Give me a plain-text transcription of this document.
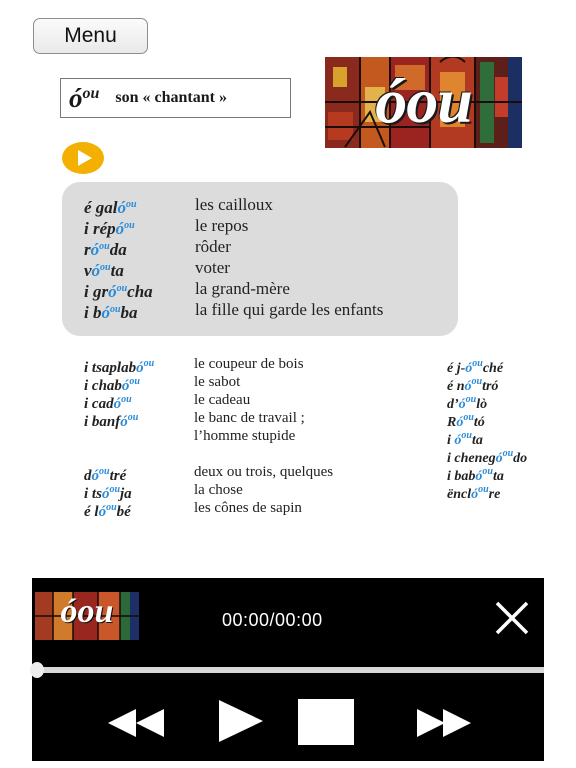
Menu
$ó^{ou}$ son « chantant »	óou
é galó$^{ou}$	les cailloux
i répó$^{ou}$	le repos
$ró^{ou}da$	rôder
$vó^{ou}ta$	voter
i gró$^{ou}$cha	la grand-mère
i $bó^{ou}ba$	la fille qui garde les enfants
i tsaplabó$^{ou}$	le coupeur de bois
i chabó$^{ou}$	le sabot
i cadó$^{ou}$	le cadeau
i banfó$^{ou}$	le banc de travail ;
l’homme stupide
$dó^{ou}tré$	deux ou trois, quelques
i tsó$^{ou}$ja	la chose
é $ló^{ou}bé$	les cônes de sapin
é $j-ó^{ou}ché$
é $nó^{ou}tró$
$d’ó^{ou}lò$
$Ró^{ou}tó$
i $ó^{ou}ta$
i chenegó$^{ou}$do
i babó$^{ou}$ta
ëncló$^{ou}$re
óou	00:00/00:00
